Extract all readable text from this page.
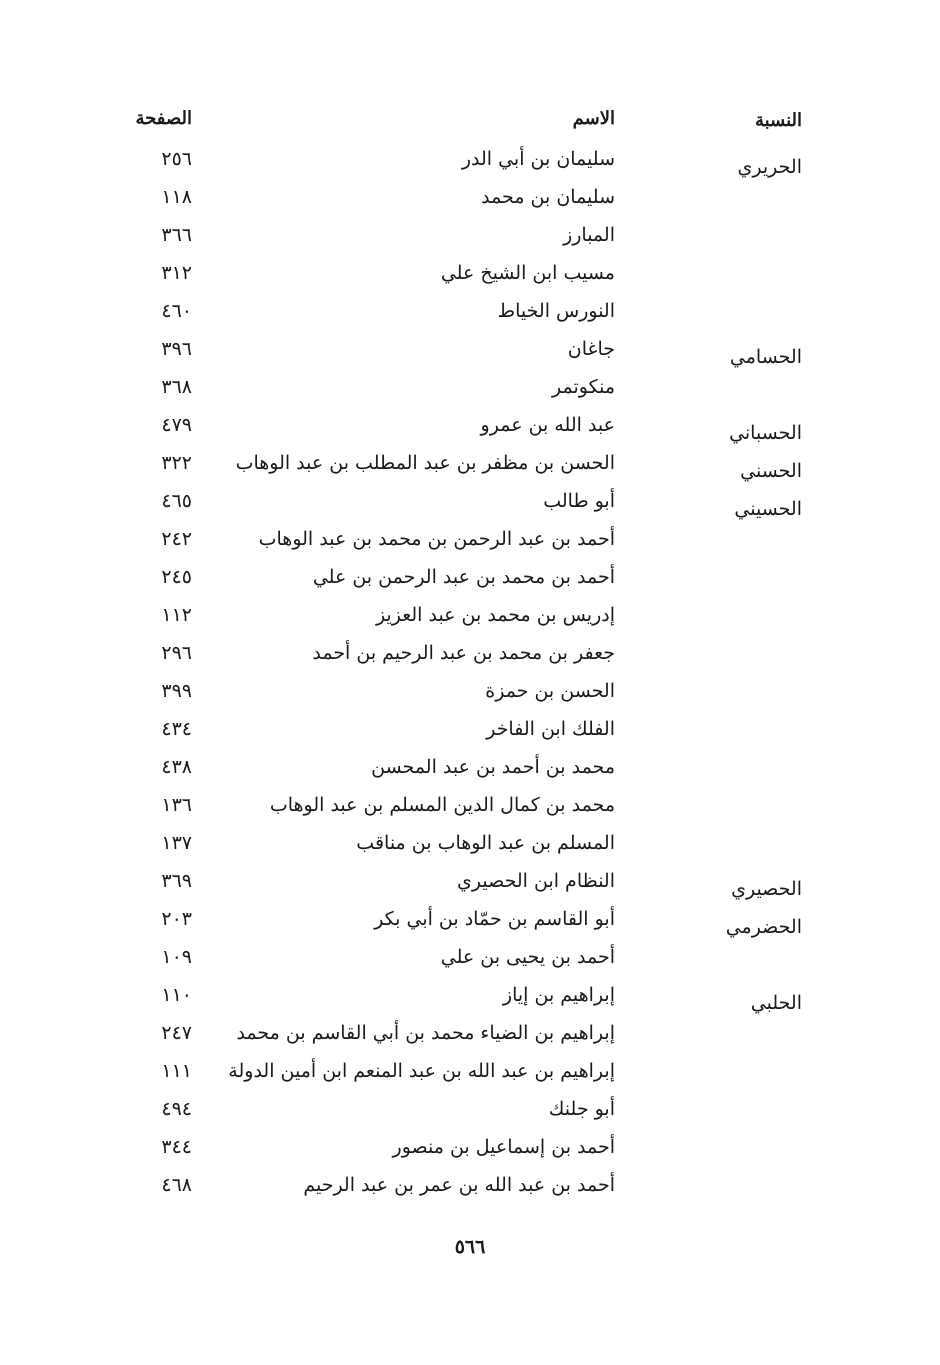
النسبة
الاسم
الصفحة
الحريري
سليمان بن أبي الدر
٢٥٦
سليمان بن محمد
١١٨
المبارز
٣٦٦
مسيب ابن الشيخ علي
٣١٢
النورس الخياط
٤٦٠
الحسامي
جاغان
٣٩٦
منكوتمر
٣٦٨
الحسباني
عبد الله بن عمرو
٤٧٩
الحسني
الحسن بن مظفر بن عبد المطلب بن عبد الوهاب
٣٢٢
الحسيني
أبو طالب
٤٦٥
أحمد بن عبد الرحمن بن محمد بن عبد الوهاب
٢٤٢
أحمد بن محمد بن عبد الرحمن بن علي
٢٤٥
إدريس بن محمد بن عبد العزيز
١١٢
جعفر بن محمد بن عبد الرحيم بن أحمد
٢٩٦
الحسن بن حمزة
٣٩٩
الفلك ابن الفاخر
٤٣٤
محمد بن أحمد بن عبد المحسن
٤٣٨
محمد بن كمال الدين المسلم بن عبد الوهاب
١٣٦
المسلم بن عبد الوهاب بن مناقب
١٣٧
الحصيري
النظام ابن الحصيري
٣٦٩
الحضرمي
أبو القاسم بن حمّاد بن أبي بكر
٢٠٣
أحمد بن يحيى بن علي
١٠٩
الحلبي
إبراهيم بن إياز
١١٠
إبراهيم بن الضياء محمد بن أبي القاسم بن محمد
٢٤٧
إبراهيم بن عبد الله بن عبد المنعم ابن أمين الدولة
١١١
أبو جلنك
٤٩٤
أحمد بن إسماعيل بن منصور
٣٤٤
أحمد بن عبد الله بن عمر بن عبد الرحيم
٤٦٨
٥٦٦
